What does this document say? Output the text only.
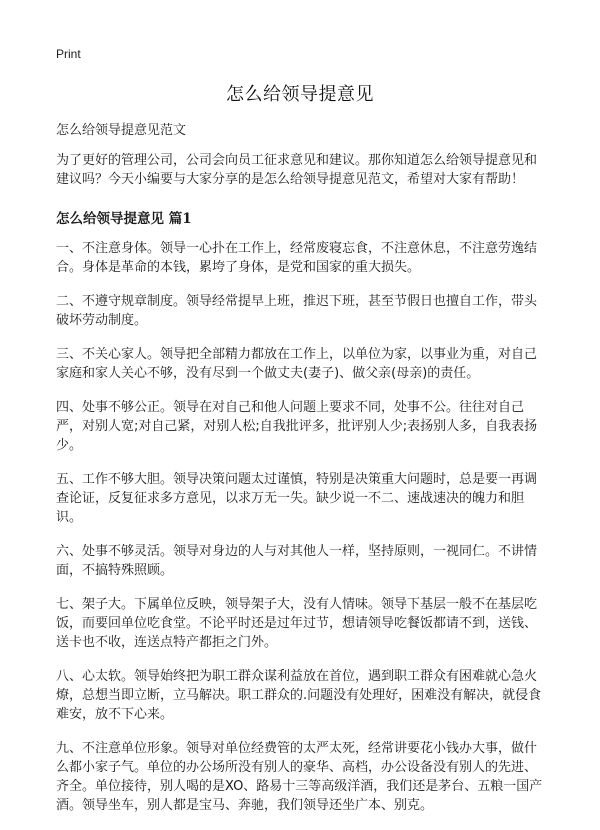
Print
怎么给领导提意见

怎么给领导提意见范文

为了更好的管理公司，公司会向员工征求意见和建议。那你知道怎么给领导提意见和建议吗？今天小编要与大家分享的是怎么给领导提意见范文，希望对大家有帮助！

怎么给领导提意见 篇1

一、不注意身体。领导一心扑在工作上，经常废寝忘食，不注意休息，不注意劳逸结合。身体是革命的本钱，累垮了身体，是党和国家的重大损失。

二、不遵守规章制度。领导经常提早上班，推迟下班，甚至节假日也擅自工作，带头破坏劳动制度。

三、不关心家人。领导把全部精力都放在工作上，以单位为家，以事业为重，对自己家庭和家人关心不够，没有尽到一个做丈夫(妻子)、做父亲(母亲)的责任。

四、处事不够公正。领导在对自己和他人问题上要求不同，处事不公。往往对自己严，对别人宽;对自己紧，对别人松;自我批评多，批评别人少;表扬别人多，自我表扬少。

五、工作不够大胆。领导决策问题太过谨慎，特别是决策重大问题时，总是要一再调查论证，反复征求多方意见，以求万无一失。缺少说一不二、速战速决的魄力和胆识。

六、处事不够灵活。领导对身边的人与对其他人一样，坚持原则，一视同仁。不讲情面，不搞特殊照顾。

七、架子大。下属单位反映，领导架子大，没有人情味。领导下基层一般不在基层吃饭，而要回单位吃食堂。不论平时还是过年过节，想请领导吃餐饭都请不到，送钱、送卡也不收，连送点特产都拒之门外。

八、心太软。领导始终把为职工群众谋利益放在首位，遇到职工群众有困难就心急火燎，总想当即立断，立马解决。职工群众的.问题没有处理好，困难没有解决，就侵食难安，放不下心来。

九、不注意单位形象。领导对单位经费管的太严太死，经常讲要花小钱办大事，做什么都小家子气。单位的办公场所没有别人的豪华、高档，办公设备没有别人的先进、齐全。单位接待，别人喝的是XO、路易十三等高级洋酒，我们还是茅台、五粮一国产酒。领导坐车，别人都是宝马、奔驰，我们领导还坐广本、别克。
